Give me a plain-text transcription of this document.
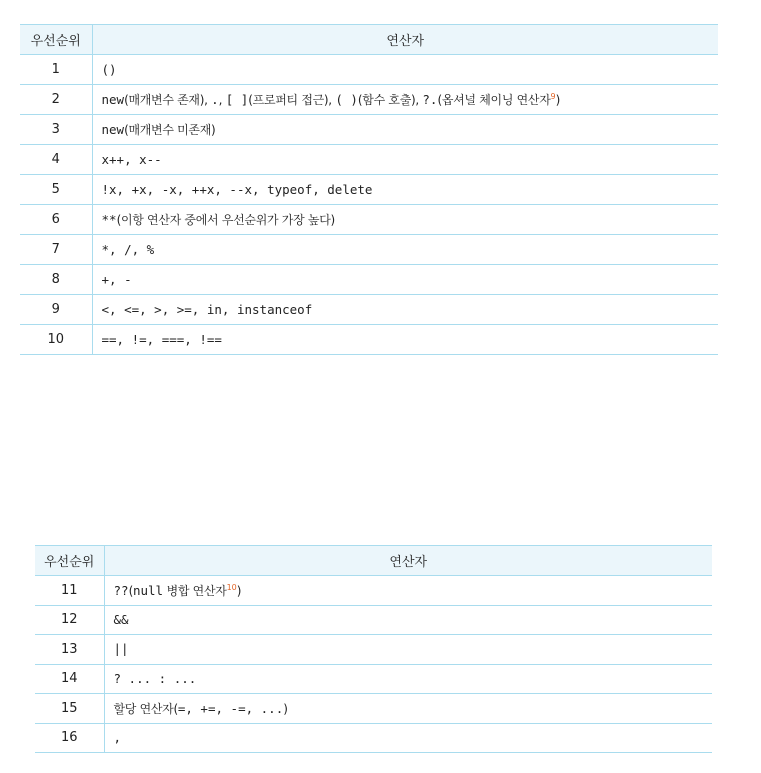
우선순위	연산자
1	()
2	new(매개변수 존재), ., [ ](프로퍼티 접근), ( )(함수 호출), ?.(옵셔널 체이닝 연산자$^9$)
3	new(매개변수 미존재)
4	x++, x--
5	!x, +x, -x, ++x, --x, typeof, delete
6	**(이항 연산자 중에서 우선순위가 가장 높다)
7	*, /, %
8	+, -
9	<, <=, >, >=, in, instanceof
10	==, !=, ===, !==
우선순위	연산자
11	??(null 병합 연산자$^{10}$)
12	&&
13	||
14	? ... : ...
15	할당 연산자(=, +=, -=, ...)
16	,
